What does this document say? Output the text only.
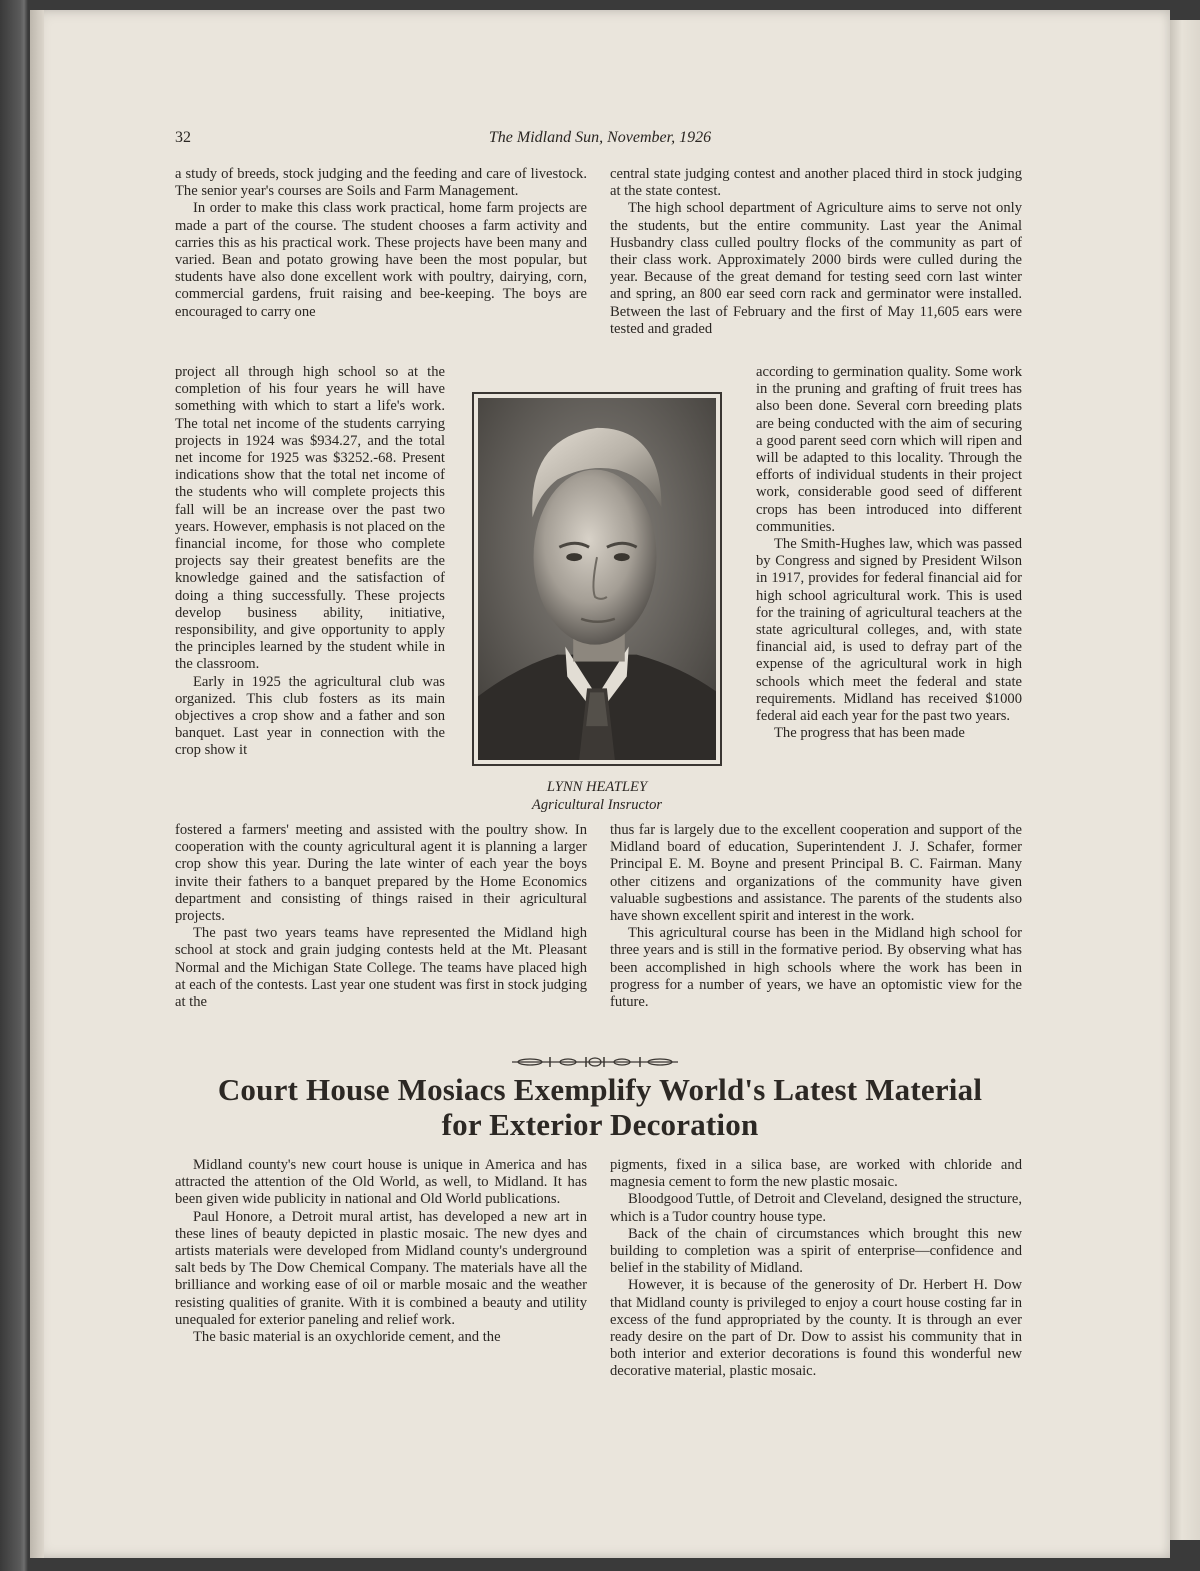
32	The Midland Sun, November, 1926

a study of breeds, stock judging and the feeding and care of livestock. The senior year's courses are Soils and Farm Management.

In order to make this class work practical, home farm projects are made a part of the course. The student chooses a farm activity and carries this as his practical work. These projects have been many and varied. Bean and potato growing have been the most popular, but students have also done excellent work with poultry, dairying, corn, commercial gardens, fruit raising and bee-keeping. The boys are encouraged to carry one

central state judging contest and another placed third in stock judging at the state contest.

The high school department of Agriculture aims to serve not only the students, but the entire community. Last year the Animal Husbandry class culled poultry flocks of the community as part of their class work. Approximately 2000 birds were culled during the year. Because of the great demand for testing seed corn last winter and spring, an 800 ear seed corn rack and germinator were installed. Between the last of February and the first of May 11,605 ears were tested and graded

project all through high school so at the completion of his four years he will have something with which to start a life's work. The total net income of the students carrying projects in 1924 was $934.27, and the total net income for 1925 was $3252.-68. Present indications show that the total net income of the students who will complete projects this fall will be an increase over the past two years. However, emphasis is not placed on the financial income, for those who complete projects say their greatest benefits are the knowledge gained and the satisfaction of doing a thing successfully. These projects develop business ability, initiative, responsibility, and give opportunity to apply the principles learned by the student while in the classroom.

Early in 1925 the agricultural club was organized. This club fosters as its main objectives a crop show and a father and son banquet. Last year in connection with the crop show it

according to germination quality. Some work in the pruning and grafting of fruit trees has also been done. Several corn breeding plats are being conducted with the aim of securing a good parent seed corn which will ripen and will be adapted to this locality. Through the efforts of individual students in their project work, considerable good seed of different crops has been introduced into different communities.

The Smith-Hughes law, which was passed by Congress and signed by President Wilson in 1917, provides for federal financial aid for high school agricultural work. This is used for the training of agricultural teachers at the state agricultural colleges, and, with state financial aid, is used to defray part of the expense of the agricultural work in high schools which meet the federal and state requirements. Midland has received $1000 federal aid each year for the past two years.

The progress that has been made

LYNN HEATLEY
Agricultural Insructor

fostered a farmers' meeting and assisted with the poultry show. In cooperation with the county agricultural agent it is planning a larger crop show this year. During the late winter of each year the boys invite their fathers to a banquet prepared by the Home Economics department and consisting of things raised in their agricultural projects.

The past two years teams have represented the Midland high school at stock and grain judging contests held at the Mt. Pleasant Normal and the Michigan State College. The teams have placed high at each of the contests. Last year one student was first in stock judging at the

thus far is largely due to the excellent cooperation and support of the Midland board of education, Superintendent J. J. Schafer, former Principal E. M. Boyne and present Principal B. C. Fairman. Many other citizens and organizations of the community have given valuable sugbestions and assistance. The parents of the students also have shown excellent spirit and interest in the work.

This agricultural course has been in the Midland high school for three years and is still in the formative period. By observing what has been accomplished in high schools where the work has been in progress for a number of years, we have an optomistic view for the future.

Court House Mosiacs Exemplify World's Latest Material
for Exterior Decoration

Midland county's new court house is unique in America and has attracted the attention of the Old World, as well, to Midland. It has been given wide publicity in national and Old World publications.

Paul Honore, a Detroit mural artist, has developed a new art in these lines of beauty depicted in plastic mosaic. The new dyes and artists materials were developed from Midland county's underground salt beds by The Dow Chemical Company. The materials have all the brilliance and working ease of oil or marble mosaic and the weather resisting qualities of granite. With it is combined a beauty and utility unequaled for exterior paneling and relief work.

The basic material is an oxychloride cement, and the

pigments, fixed in a silica base, are worked with chloride and magnesia cement to form the new plastic mosaic.

Bloodgood Tuttle, of Detroit and Cleveland, designed the structure, which is a Tudor country house type.

Back of the chain of circumstances which brought this new building to completion was a spirit of enterprise—confidence and belief in the stability of Midland.

However, it is because of the generosity of Dr. Herbert H. Dow that Midland county is privileged to enjoy a court house costing far in excess of the fund appropriated by the county. It is through an ever ready desire on the part of Dr. Dow to assist his community that in both interior and exterior decorations is found this wonderful new decorative material, plastic mosaic.
